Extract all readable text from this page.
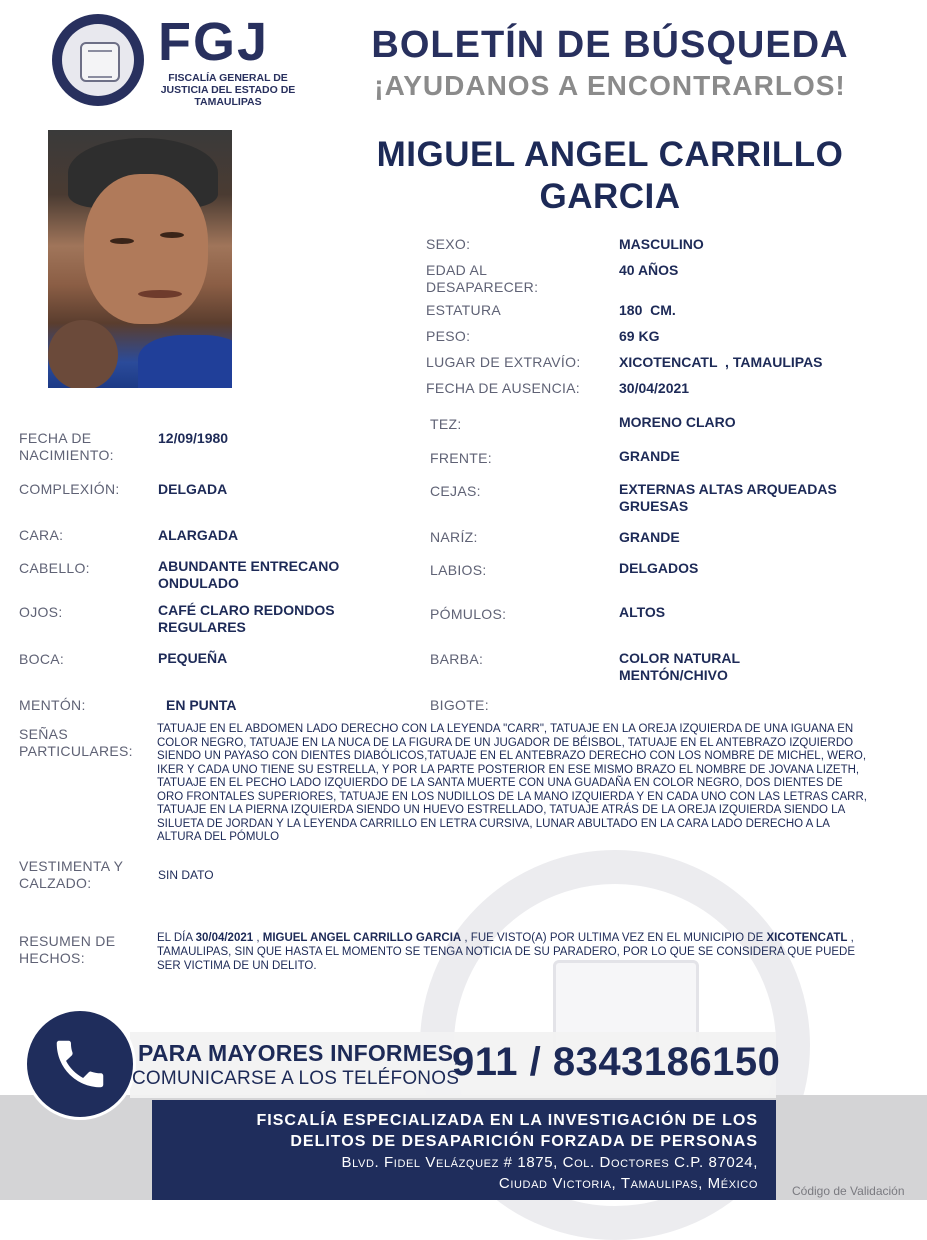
FGJ
FISCALÍA GENERAL DE JUSTICIA DEL ESTADO DE TAMAULIPAS
BOLETÍN DE BÚSQUEDA
¡AYUDANOS A ENCONTRARLOS!
MIGUEL ANGEL CARRILLO
GARCIA
SEXO:	MASCULINO
EDAD AL DESAPARECER:
40 AÑOS
ESTATURA	180  CM.
PESO:	69 KG
LUGAR DE EXTRAVÍO:	XICOTENCATL  , TAMAULIPAS
FECHA DE AUSENCIA:	30/04/2021
FECHA DE NACIMIENTO:
12/09/1980
COMPLEXIÓN:	DELGADA
CARA:	ALARGADA
CABELLO:	ABUNDANTE ENTRECANO ONDULADO
OJOS:	CAFÉ CLARO REDONDOS REGULARES
BOCA:	PEQUEÑA
MENTÓN:	EN PUNTA
TEZ:	MORENO CLARO
FRENTE:	GRANDE
CEJAS:	EXTERNAS ALTAS ARQUEADAS GRUESAS
NARÍZ:	GRANDE
LABIOS:	DELGADOS
PÓMULOS:	ALTOS
BARBA:	COLOR NATURAL MENTÓN/CHIVO
BIGOTE:
SEÑAS PARTICULARES:
TATUAJE EN EL ABDOMEN LADO DERECHO CON LA LEYENDA "CARR", TATUAJE EN LA OREJA IZQUIERDA DE UNA IGUANA EN COLOR NEGRO, TATUAJE EN LA NUCA DE LA FIGURA DE UN JUGADOR DE BÉISBOL, TATUAJE EN EL ANTEBRAZO IZQUIERDO SIENDO UN PAYASO CON DIENTES DIABÓLICOS,TATUAJE EN EL ANTEBRAZO DERECHO CON LOS NOMBRE DE MICHEL, WERO, IKER Y CADA UNO TIENE SU ESTRELLA, Y POR LA PARTE POSTERIOR EN ESE MISMO BRAZO EL NOMBRE DE JOVANA LIZETH, TATUAJE EN EL PECHO LADO IZQUIERDO DE LA SANTA MUERTE CON UNA GUADAÑA EN COLOR NEGRO, DOS DIENTES DE ORO FRONTALES SUPERIORES, TATUAJE EN LOS NUDILLOS DE LA MANO IZQUIERDA Y EN CADA UNO CON LAS LETRAS CARR, TATUAJE EN LA PIERNA IZQUIERDA SIENDO UN HUEVO ESTRELLADO, TATUAJE ATRÁS DE LA OREJA IZQUIERDA SIENDO LA SILUETA DE JORDAN Y LA LEYENDA CARRILLO EN LETRA CURSIVA, LUNAR ABULTADO EN LA CARA LADO DERECHO A LA ALTURA DEL PÓMULO
VESTIMENTA Y CALZADO:	SIN DATO
RESUMEN DE HECHOS:
EL DÍA 30/04/2021 , MIGUEL ANGEL CARRILLO GARCIA , FUE VISTO(A) POR ULTIMA VEZ EN EL MUNICIPIO DE XICOTENCATL , TAMAULIPAS, SIN QUE HASTA EL MOMENTO SE TENGA NOTICIA DE SU PARADERO, POR LO QUE SE CONSIDERA QUE PUEDE SER VICTIMA DE UN DELITO.
PARA MAYORES INFORMES,
COMUNICARSE A LOS TELÉFONOS
911 / 8343186150
FISCALÍA ESPECIALIZADA EN LA INVESTIGACIÓN DE LOS
DELITOS DE DESAPARICIÓN FORZADA DE PERSONAS
Blvd. Fidel Velázquez # 1875, Col. Doctores C.P. 87024,
Ciudad Victoria, Tamaulipas, México	Código de Validación
